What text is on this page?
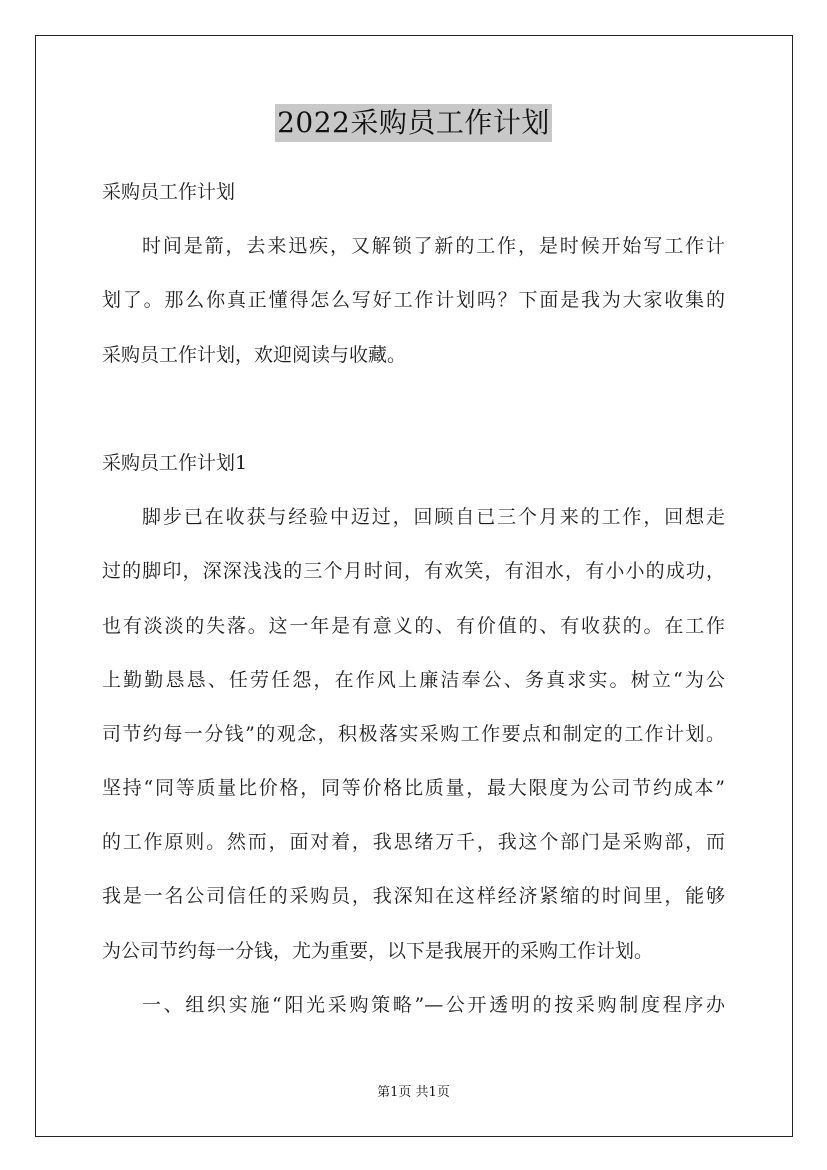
2022采购员工作计划
采购员工作计划
时间是箭，去来迅疾，又解锁了新的工作，是时候开始写工作计
划了。那么你真正懂得怎么写好工作计划吗？下面是我为大家收集的
采购员工作计划，欢迎阅读与收藏。
采购员工作计划1
脚步已在收获与经验中迈过，回顾自已三个月来的工作，回想走
过的脚印，深深浅浅的三个月时间，有欢笑，有泪水，有小小的成功，
也有淡淡的失落。这一年是有意义的、有价值的、有收获的。在工作
上勤勤恳恳、任劳任怨，在作风上廉洁奉公、务真求实。树立“为公
司节约每一分钱”的观念，积极落实采购工作要点和制定的工作计划。
坚持“同等质量比价格，同等价格比质量，最大限度为公司节约成本”
的工作原则。然而，面对着，我思绪万千，我这个部门是采购部，而
我是一名公司信任的采购员，我深知在这样经济紧缩的时间里，能够
为公司节约每一分钱，尤为重要，以下是我展开的采购工作计划。
一、组织实施“阳光采购策略”—公开透明的按采购制度程序办
第1页 共1页
